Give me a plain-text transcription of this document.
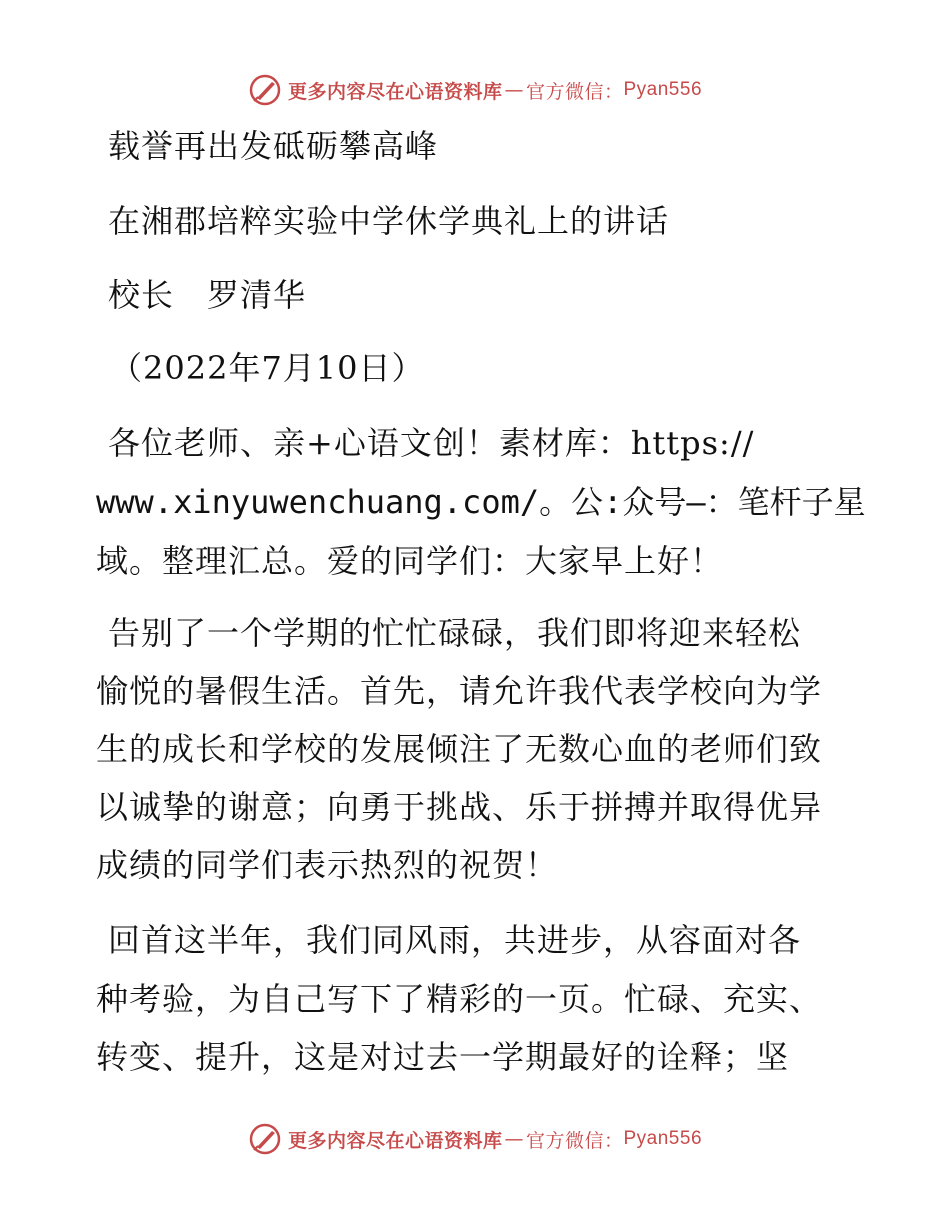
更多内容尽在心语资料库 — 官方微信： Pyan556
载誉再出发砥砺攀高峰
在湘郡培粹实验中学休学典礼上的讲话
校长　罗清华
（2022年7月10日）
各位老师、亲+心语文创！素材库：https://
www.xinyuwenchuang.com/。公:众号—：笔杆子星
域。整理汇总。爱的同学们：大家早上好！
告别了一个学期的忙忙碌碌，我们即将迎来轻松
愉悦的暑假生活。首先，请允许我代表学校向为学
生的成长和学校的发展倾注了无数心血的老师们致
以诚挚的谢意；向勇于挑战、乐于拼搏并取得优异
成绩的同学们表示热烈的祝贺！
回首这半年，我们同风雨，共进步，从容面对各
种考验，为自己写下了精彩的一页。忙碌、充实、
转变、提升，这是对过去一学期最好的诠释；坚
更多内容尽在心语资料库 — 官方微信： Pyan556
